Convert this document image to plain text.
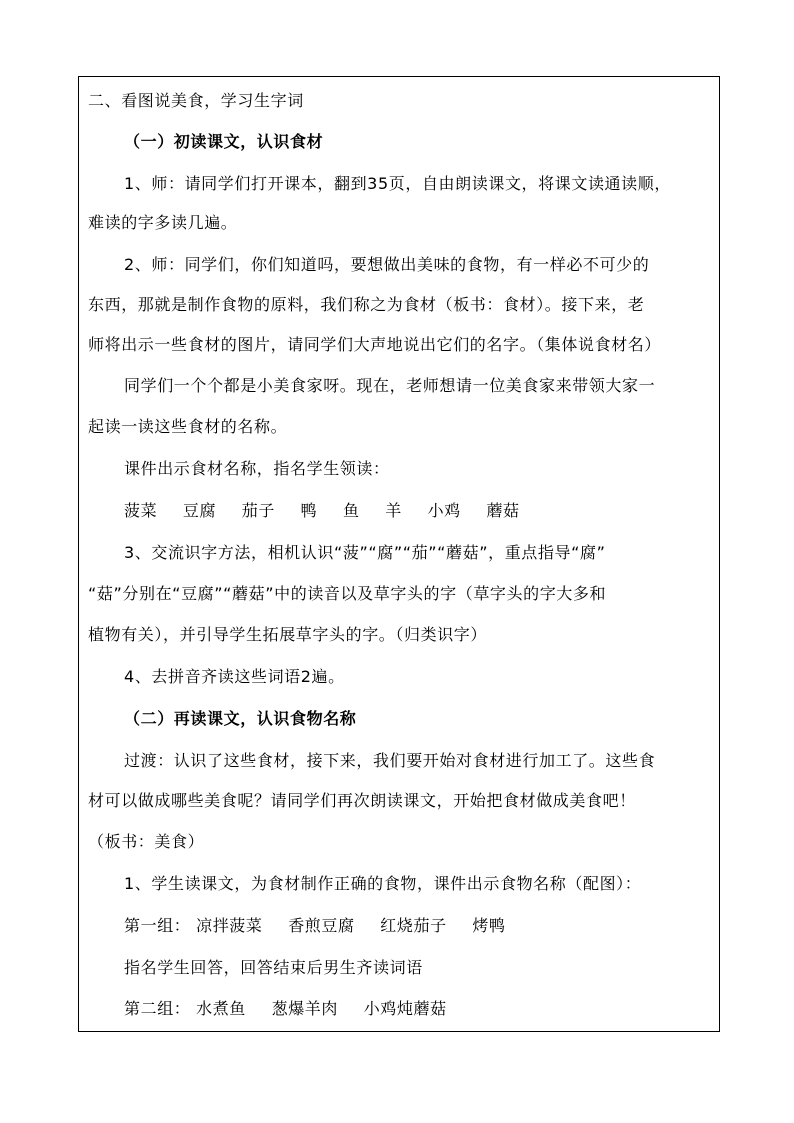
二、看图说美食，学习生字词
（一）初读课文，认识食材
1、师：请同学们打开课本，翻到35页，自由朗读课文，将课文读通读顺，
难读的字多读几遍。
2、师：同学们，你们知道吗，要想做出美味的食物，有一样必不可少的
东西，那就是制作食物的原料，我们称之为食材（板书：食材）。接下来，老
师将出示一些食材的图片，请同学们大声地说出它们的名字。（集体说食材名）
同学们一个个都是小美食家呀。现在，老师想请一位美食家来带领大家一
起读一读这些食材的名称。
课件出示食材名称，指名学生领读：
菠菜 豆腐 茄子 鸭 鱼 羊 小鸡 蘑菇
3、交流识字方法，相机认识“菠”“腐”“茄”“蘑菇”，重点指导“腐”
“菇”分别在“豆腐”“蘑菇”中的读音以及草字头的字（草字头的字大多和
植物有关），并引导学生拓展草字头的字。（归类识字）
4、去拼音齐读这些词语2遍。
（二）再读课文，认识食物名称
过渡：认识了这些食材，接下来，我们要开始对食材进行加工了。这些食
材可以做成哪些美食呢？请同学们再次朗读课文，开始把食材做成美食吧！
（板书：美食）
1、学生读课文，为食材制作正确的食物，课件出示食物名称（配图）：
第一组： 凉拌菠菜 香煎豆腐 红烧茄子 烤鸭
指名学生回答，回答结束后男生齐读词语
第二组： 水煮鱼 葱爆羊肉 小鸡炖蘑菇
